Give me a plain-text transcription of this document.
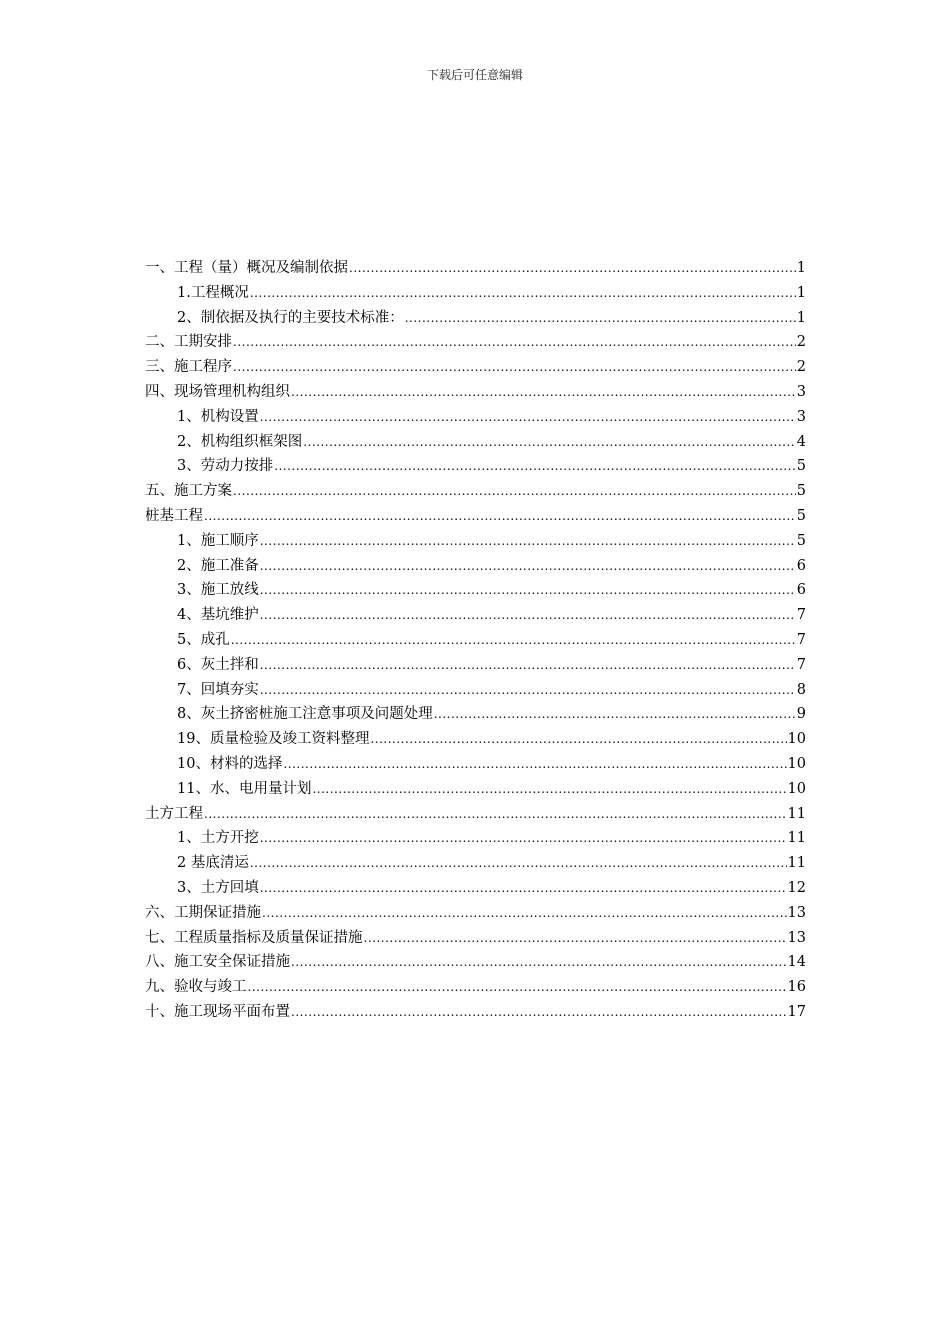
下载后可任意编辑
一、工程（量）概况及编制依据 .....	1
1.工程概况 .....	1
2、制依据及执行的主要技术标准： .....	1
二、工期安排 .....	2
三、施工程序 .....	2
四、现场管理机构组织 .....	3
1、机构设置 .....	3
2、机构组织框架图 .....	4
3、劳动力按排 .....	5
五、施工方案 .....	5
桩基工程 .....	5
1、施工顺序 .....	5
2、施工准备 .....	6
3、施工放线 .....	6
4、基坑维护 .....	7
5、成孔 .....	7
6、灰土拌和 .....	7
7、回填夯实 .....	8
8、灰土挤密桩施工注意事项及问题处理 .....	9
19、质量检验及竣工资料整理 .....	10
10、材料的选择 .....	10
11、水、电用量计划 .....	10
土方工程 .....	11
1、土方开挖 .....	11
2 基底清运 .....	11
3、土方回填 .....	12
六、工期保证措施 .....	13
七、工程质量指标及质量保证措施 .....	13
八、施工安全保证措施 .....	14
九、验收与竣工 .....	16
十、施工现场平面布置 .....	17
